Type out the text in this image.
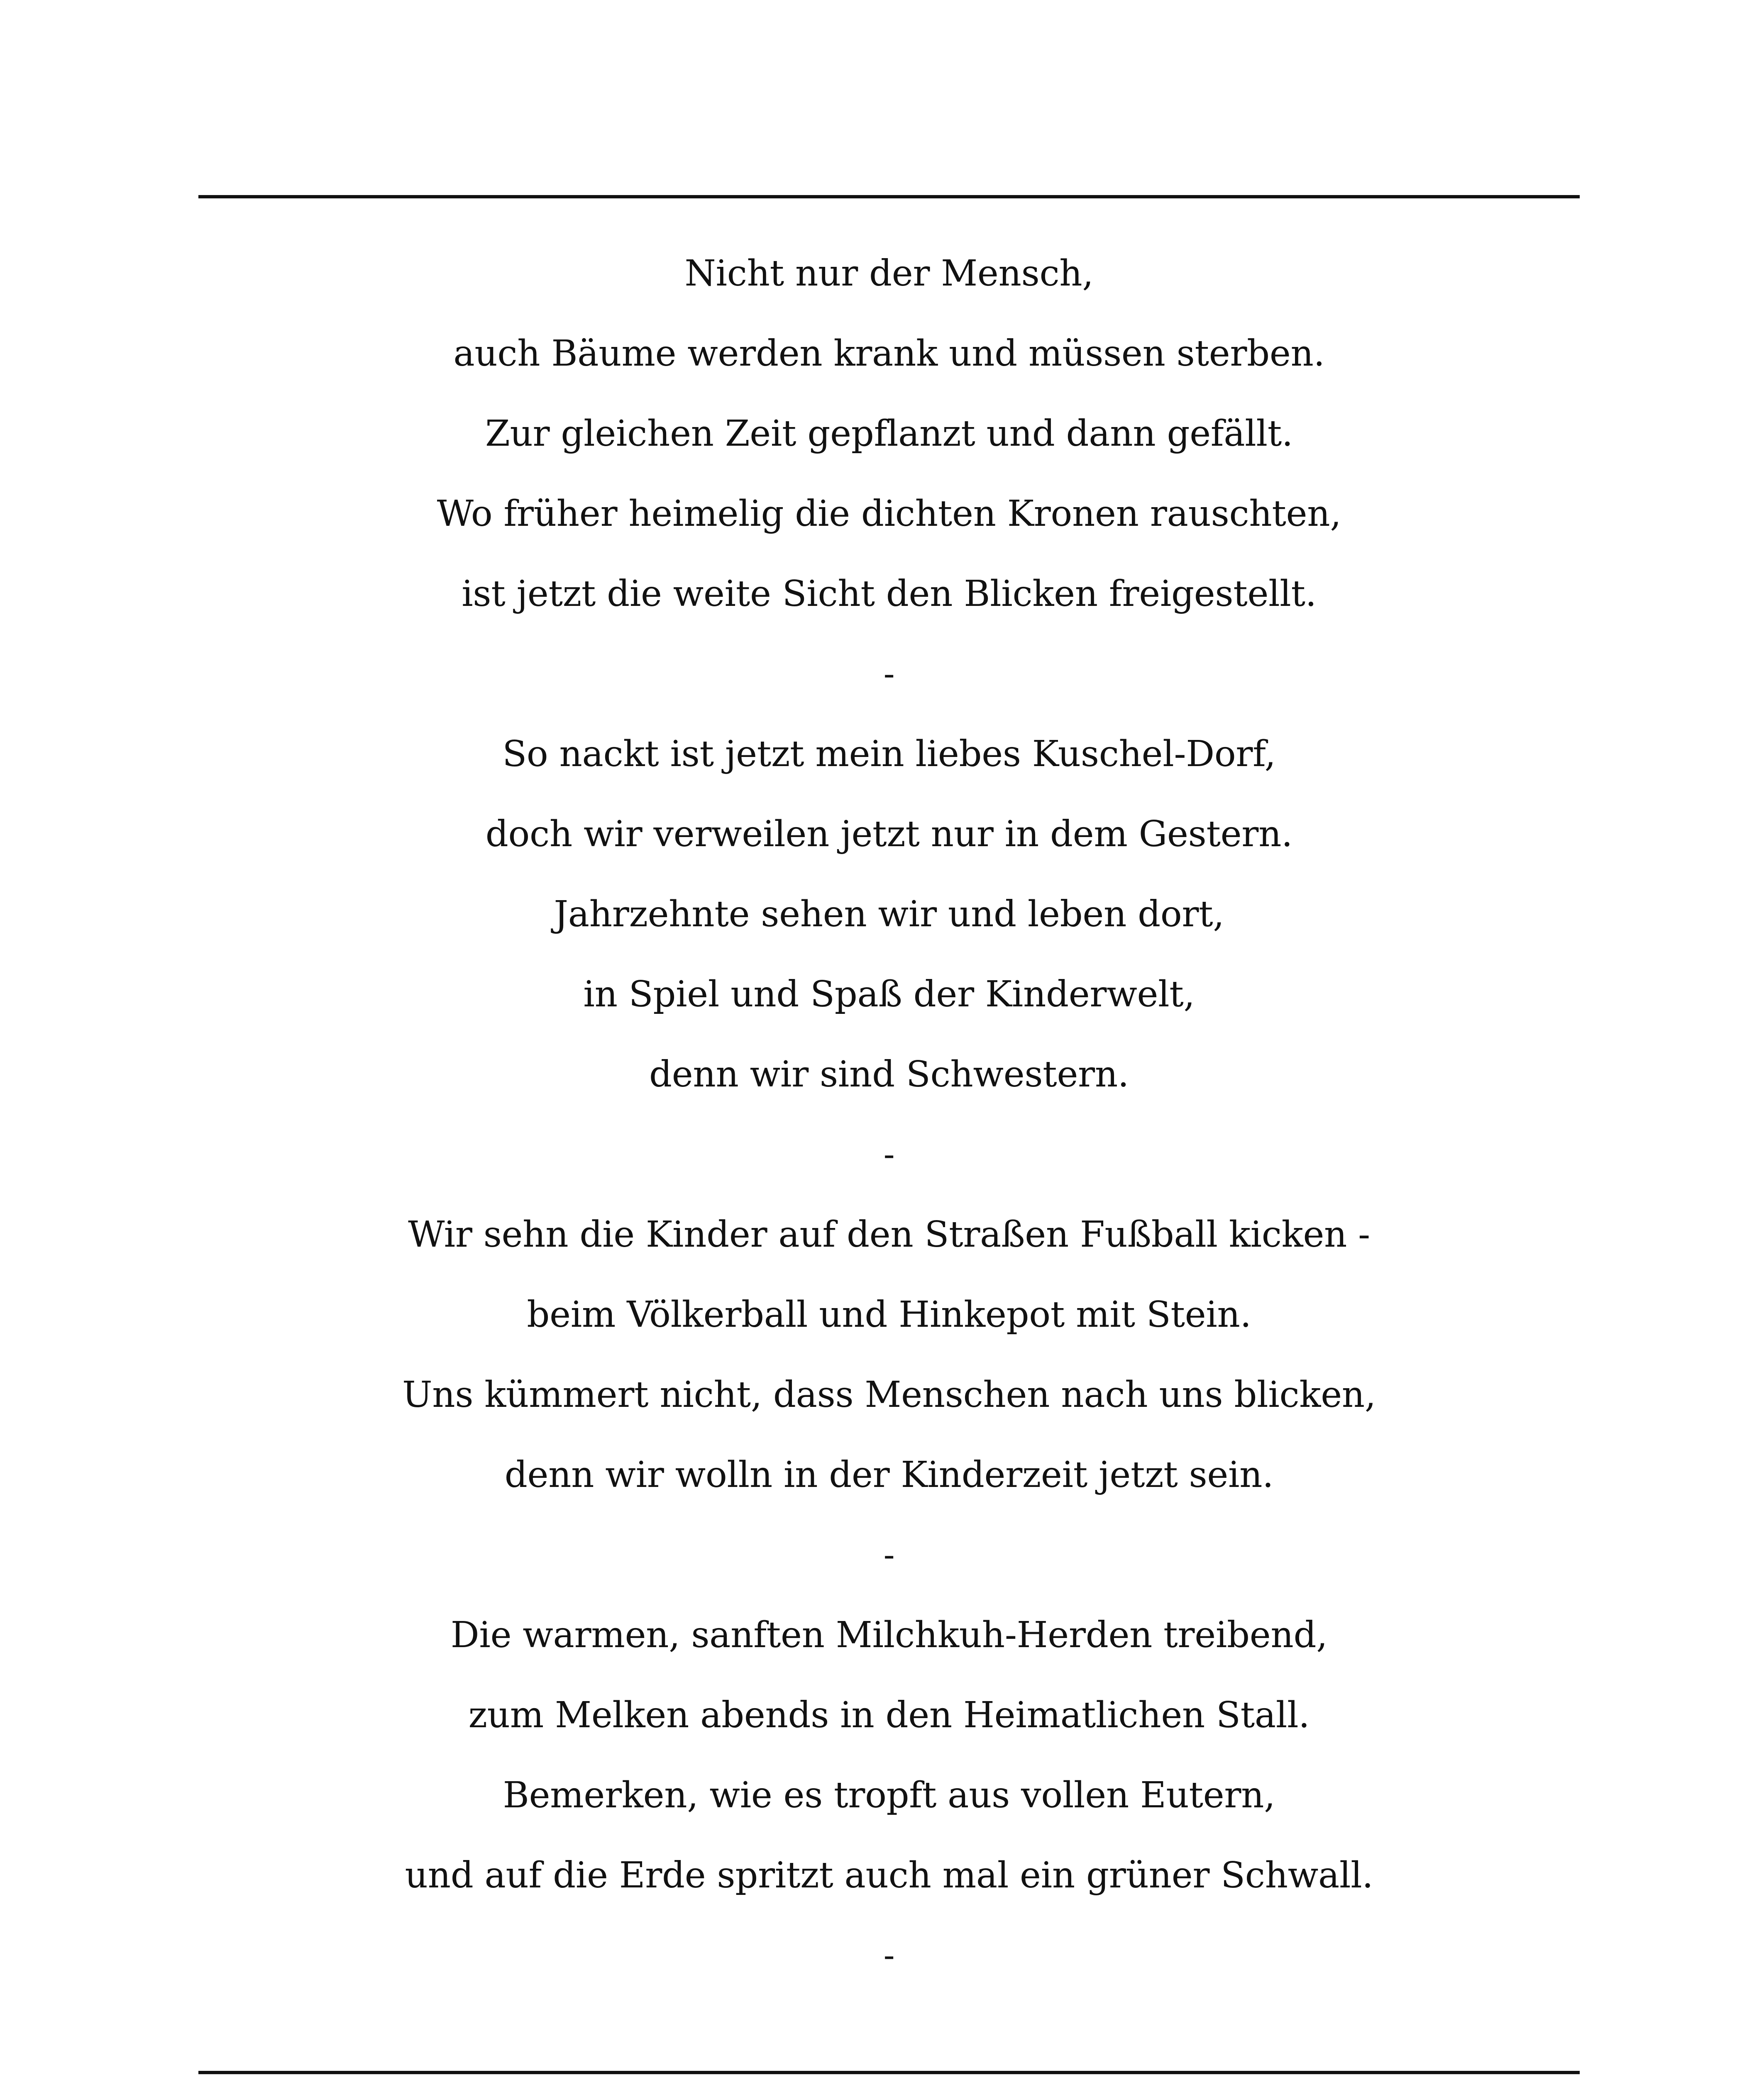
Nicht nur der Mensch,
auch Bäume werden krank und müssen sterben.
Zur gleichen Zeit gepflanzt und dann gefällt.
Wo früher heimelig die dichten Kronen rauschten,
ist jetzt die weite Sicht den Blicken freigestellt.
-
So nackt ist jetzt mein liebes Kuschel-Dorf,
doch wir verweilen jetzt nur in dem Gestern.
Jahrzehnte sehen wir und leben dort,
in Spiel und Spaß der Kinderwelt,
denn wir sind Schwestern.
-
Wir sehn die Kinder auf den Straßen Fußball kicken -
beim Völkerball und Hinkepot mit Stein.
Uns kümmert nicht, dass Menschen nach uns blicken,
denn wir wolln in der Kinderzeit jetzt sein.
-
Die warmen, sanften Milchkuh-Herden treibend,
zum Melken abends in den Heimatlichen Stall.
Bemerken, wie es tropft aus vollen Eutern,
und auf die Erde spritzt auch mal ein grüner Schwall.
-
